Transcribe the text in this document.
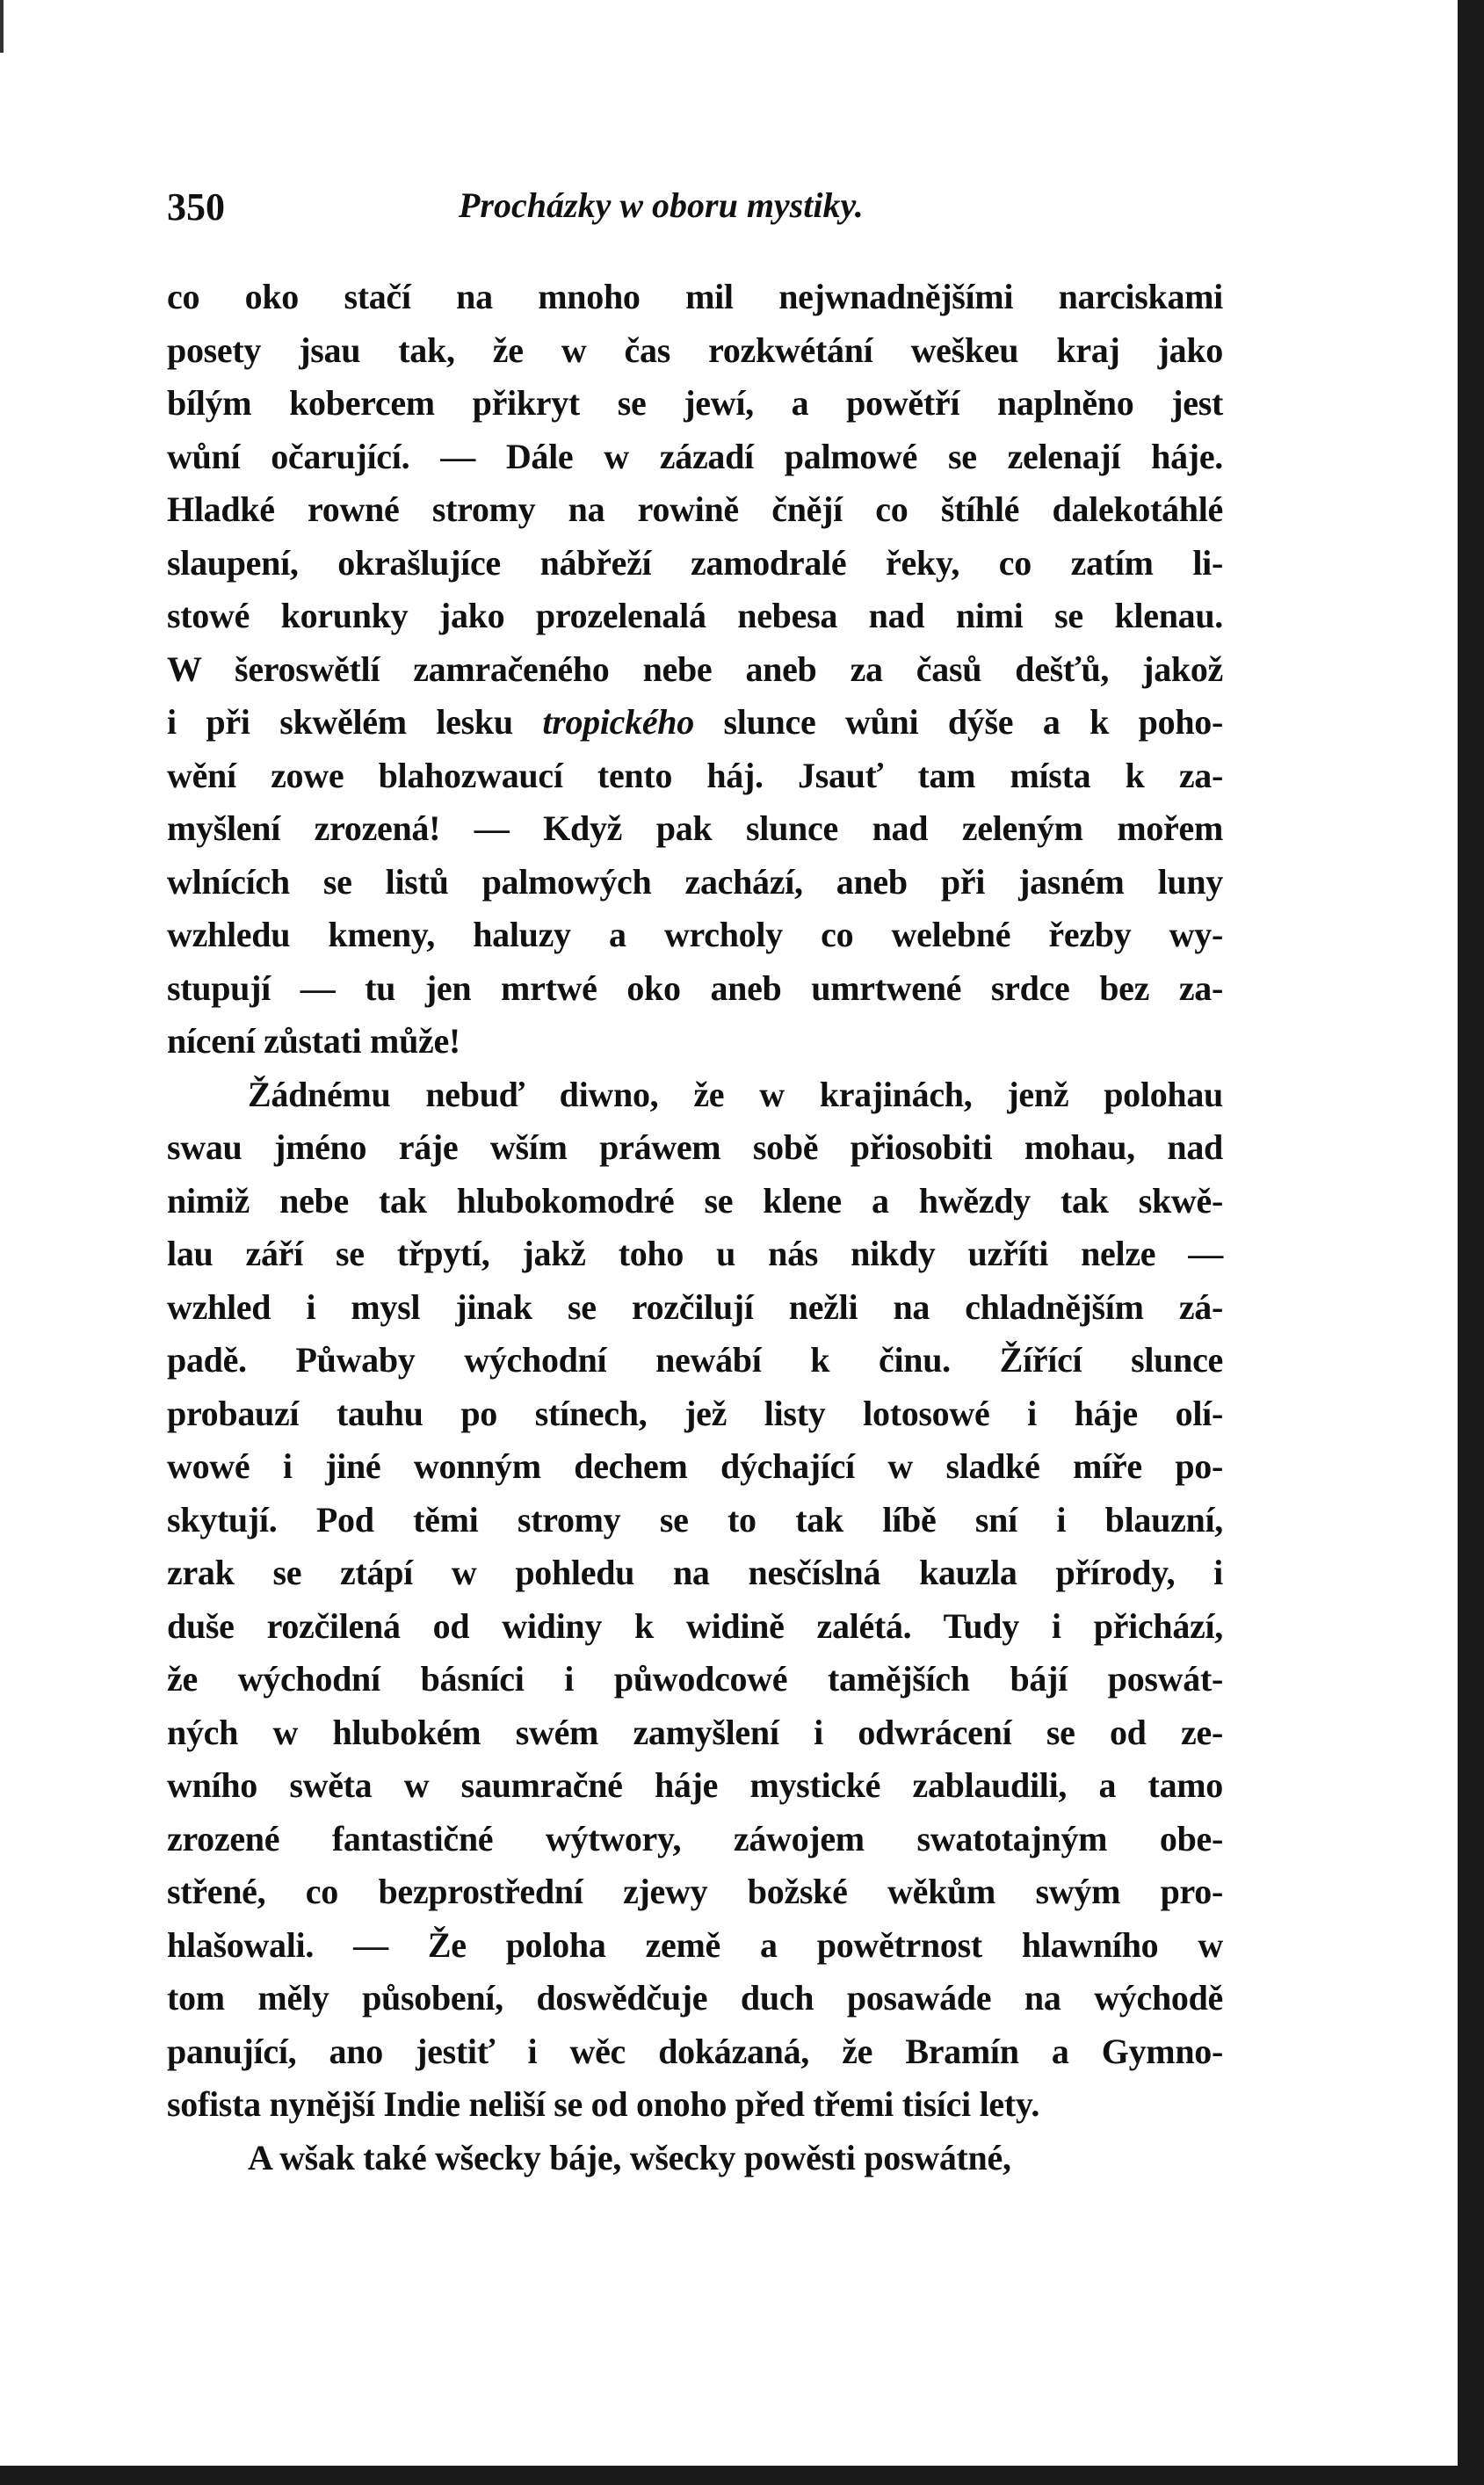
350	Procházky w oboru mystiky.
co oko stačí na mnoho mil nejwnadnějšími narciskami
posety jsau tak, že w čas rozkwétání weškeu kraj jako
bílým kobercem přikryt se jewí, a powětří naplněno jest
wůní očarující. — Dále w zázadí palmowé se zelenají háje.
Hladké rowné stromy na rowině čnějí co štíhlé dalekotáhlé
slaupení, okrašlujíce nábřeží zamodralé řeky, co zatím li-
stowé korunky jako prozelenalá nebesa nad nimi se klenau.
W šeroswětlí zamračeného nebe aneb za časů dešťů, jakož
i při skwělém lesku tropického slunce wůni dýše a k poho-
wění zowe blahozwaucí tento háj. Jsauť tam místa k za-
myšlení zrozená! — Když pak slunce nad zeleným mořem
wlnících se listů palmowých zachází, aneb při jasném luny
wzhledu kmeny, haluzy a wrcholy co welebné řezby wy-
stupují — tu jen mrtwé oko aneb umrtwené srdce bez za-
nícení zůstati může!
Žádnému nebuď diwno, že w krajinách, jenž polohau
swau jméno ráje wším práwem sobě přiosobiti mohau, nad
nimiž nebe tak hlubokomodré se klene a hwězdy tak skwě-
lau září se třpytí, jakž toho u nás nikdy uzříti nelze —
wzhled i mysl jinak se rozčilují nežli na chladnějším zá-
padě. Půwaby wýchodní newábí k činu. Žířící slunce
probauzí tauhu po stínech, jež listy lotosowé i háje olí-
wowé i jiné wonným dechem dýchající w sladké míře po-
skytují. Pod těmi stromy se to tak líbě sní i blauzní,
zrak se ztápí w pohledu na nesčíslná kauzla přírody, i
duše rozčilená od widiny k widině zalétá. Tudy i přichází,
že wýchodní básníci i půwodcowé tamějších bájí poswát-
ných w hlubokém swém zamyšlení i odwrácení se od ze-
wního swěta w saumračné háje mystické zablaudili, a tamo
zrozené fantastičné wýtwory, záwojem swatotajným obe-
střené, co bezprostřední zjewy božské wěkům swým pro-
hlašowali. — Že poloha země a powětrnost hlawního w
tom měly působení, doswědčuje duch posawáde na wýchodě
panující, ano jestiť i wěc dokázaná, že Bramín a Gymno-
sofista nynější Indie neliší se od onoho před třemi tisíci lety.
A wšak také wšecky báje, wšecky powěsti poswátné,
